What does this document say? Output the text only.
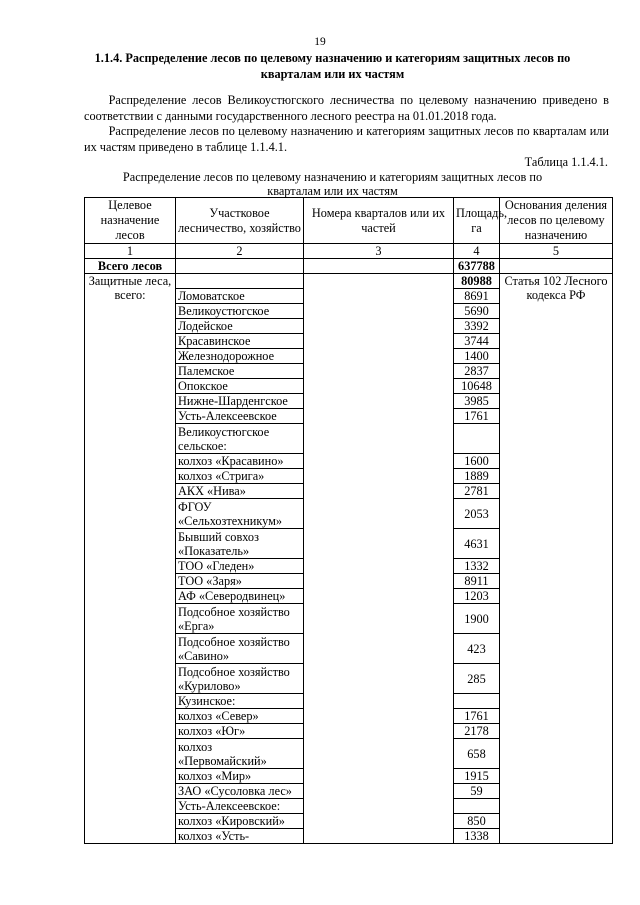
19
1.1.4. Распределение лесов по целевому назначению и категориям защитных лесов по кварталам или их частям
  Распределение лесов Великоустюгского лесничества по целевому назначению приведено в соответствии с данными государственного лесного реестра на 01.01.2018 года.
  Распределение лесов по целевому назначению и категориям защитных лесов по кварталам или их частям приведено в таблице 1.1.4.1.
Таблица 1.1.4.1.
Распределение лесов по целевому назначению и категориям защитных лесов по кварталам или их частям
Целевое назначение лесов	Участковое лесничество, хозяйство	Номера кварталов или их частей	Площадь, га	Основания деления лесов по целевому назначению
1	2	3	4	5
Всего лесов			637788	
Защитные леса, всего:			80988	Статья 102 Лесного кодекса РФ
	Ломоватское		8691	
	Великоустюгское		5690	
	Лодейское		3392	
	Красавинское		3744	
	Железнодорожное		1400	
	Палемское		2837	
	Опокское		10648	
	Нижне-Шарденгское		3985	
	Усть-Алексеевское		1761	
	Великоустюгское сельское:			
	колхоз «Красавино»		1600	
	колхоз «Стрига»		1889	
	АКХ «Нива»		2781	
	ФГОУ «Сельхозтехникум»		2053	
	Бывший совхоз «Показатель»		4631	
	ТОО «Гледен»		1332	
	ТОО «Заря»		8911	
	АФ «Северодвинец»		1203	
	Подсобное хозяйство «Ерга»		1900	
	Подсобное хозяйство «Савино»		423	
	Подсобное хозяйство «Курилово»		285	
	Кузинское:			
	колхоз «Север»		1761	
	колхоз «Юг»		2178	
	колхоз «Первомайский»		658	
	колхоз «Мир»		1915	
	ЗАО «Сусоловка лес»		59	
	Усть-Алексеевское:			
	колхоз «Кировский»		850	
	колхоз «Усть-		1338	
